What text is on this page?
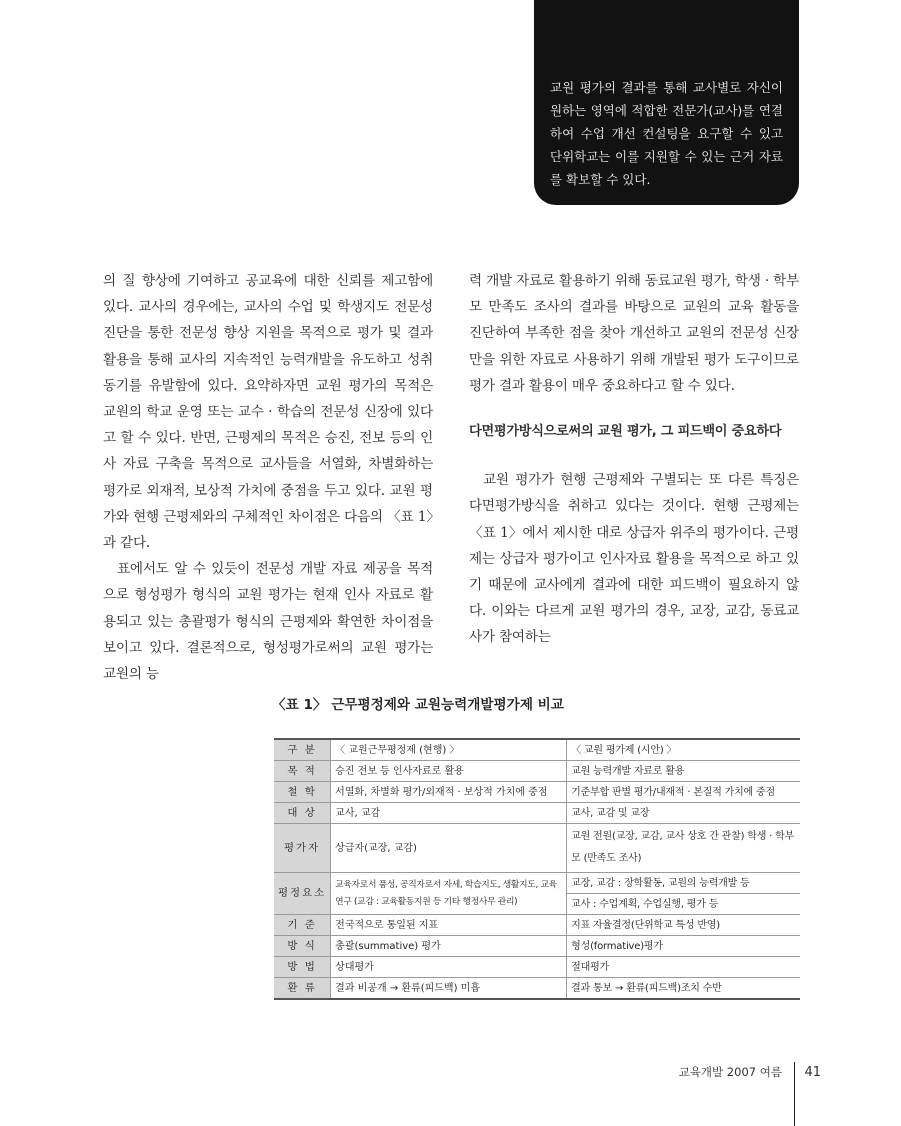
교원 평가의 결과를 통해 교사별로 자신이 원하는 영역에 적합한 전문가(교사)를 연결하여 수업 개선 컨설팅을 요구할 수 있고 단위학교는 이를 지원할 수 있는 근거 자료를 확보할 수 있다.

의 질 향상에 기여하고 공교육에 대한 신뢰를 제고함에 있다. 교사의 경우에는, 교사의 수업 및 학생지도 전문성 진단을 통한 전문성 향상 지원을 목적으로 평가 및 결과 활용을 통해 교사의 지속적인 능력개발을 유도하고 성취동기를 유발함에 있다. 요약하자면 교원 평가의 목적은 교원의 학교 운영 또는 교수 · 학습의 전문성 신장에 있다고 할 수 있다. 반면, 근평제의 목적은 승진, 전보 등의 인사 자료 구축을 목적으로 교사들을 서열화, 차별화하는 평가로 외재적, 보상적 가치에 중점을 두고 있다. 교원 평가와 현행 근평제와의 구체적인 차이점은 다음의 〈표 1〉과 같다.

표에서도 알 수 있듯이 전문성 개발 자료 제공을 목적으로 형성평가 형식의 교원 평가는 현재 인사 자료로 활용되고 있는 총괄평가 형식의 근평제와 확연한 차이점을 보이고 있다. 결론적으로, 형성평가로써의 교원 평가는 교원의 능

력 개발 자료로 활용하기 위해 동료교원 평가, 학생 · 학부모 만족도 조사의 결과를 바탕으로 교원의 교육 활동을 진단하여 부족한 점을 찾아 개선하고 교원의 전문성 신장만을 위한 자료로 사용하기 위해 개발된 평가 도구이므로 평가 결과 활용이 매우 중요하다고 할 수 있다.

다면평가방식으로써의 교원 평가, 그 피드백이 중요하다

교원 평가가 현행 근평제와 구별되는 또 다른 특징은 다면평가방식을 취하고 있다는 것이다. 현행 근평제는 〈표 1〉에서 제시한 대로 상급자 위주의 평가이다. 근평제는 상급자 평가이고 인사자료 활용을 목적으로 하고 있기 때문에 교사에게 결과에 대한 피드백이 필요하지 않다. 이와는 다르게 교원 평가의 경우, 교장, 교감, 동료교사가 참여하는

〈표 1〉 근무평정제와 교원능력개발평가제 비교
구 분	〈 교원근무평정제 (현행) 〉	〈 교원 평가제 (시안) 〉
목 적	승진 전보 등 인사자료로 활용	교원 능력개발 자료로 활용
철 학	서열화, 차별화 평가/외재적 · 보상적 가치에 중점	기준부합 판별 평가/내재적 · 본질적 가치에 중점
대 상	교사, 교감	교사, 교감 및 교장
평가자	상급자(교장, 교감)	교원 전원(교장, 교감, 교사 상호 간 관찰) 학생 · 학부모 (만족도 조사)
평정요소	교육자로서 품성, 공직자로서 자세, 학습지도, 생활지도, 교육연구 (교감 : 교육활동지원 등 기타 행정사무 관리)	교장, 교감 : 장학활동, 교원의 능력개발 등
		교사 : 수업계획, 수업실행, 평가 등
기 준	전국적으로 통일된 지표	지표 자율결정(단위학교 특성 반영)
방 식	총괄(summative) 평가	형성(formative)평가
방 법	상대평가	절대평가
환 류	결과 비공개 → 환류(피드백) 미흡	결과 통보 → 환류(피드백)조치 수반
교육개발 2007 여름 41
